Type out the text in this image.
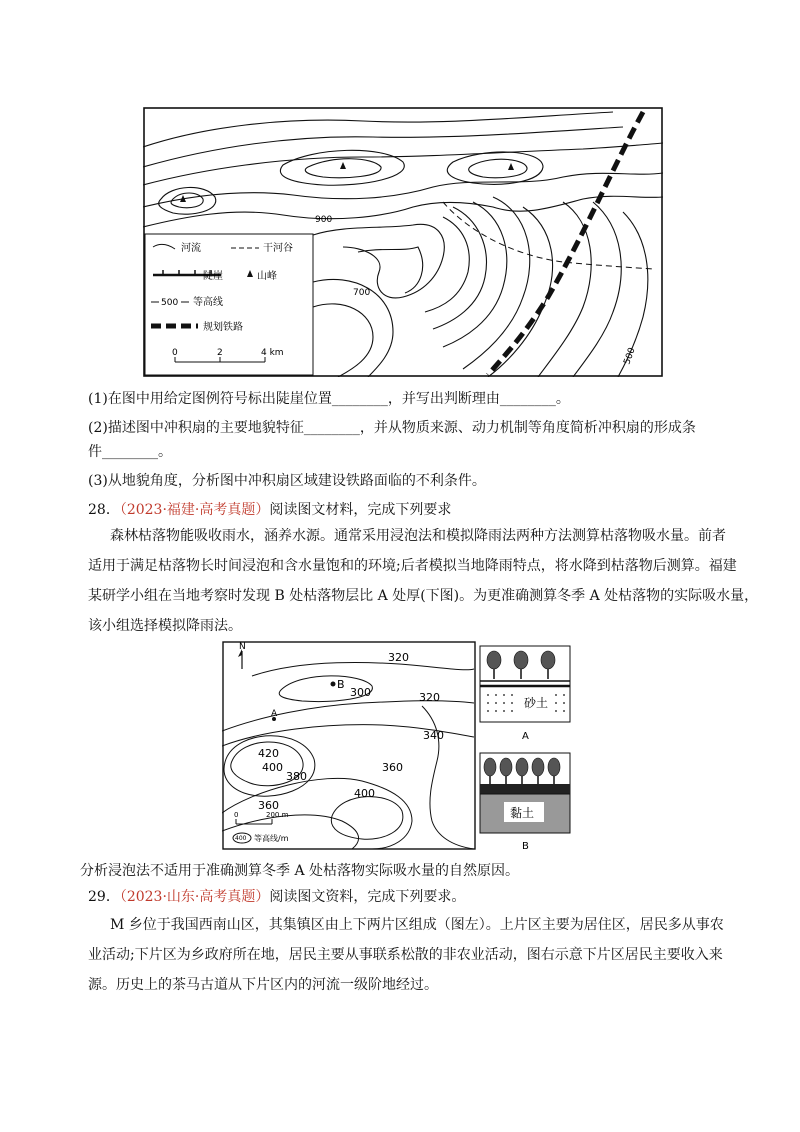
900
700
500
河流	干河谷
陡崖	山峰
500 等高线
规划铁路
0	2	4 km
(1)在图中用给定图例符号标出陡崖位置________，并写出判断理由________。
(2)描述图中冲积扇的主要地貌特征________，并从物质来源、动力机制等角度简析冲积扇的形成条
件________。
(3)从地貌角度，分析图中冲积扇区域建设铁路面临的不利条件。
28．（2023·福建·高考真题）阅读图文材料，完成下列要求
森林枯落物能吸收雨水，涵养水源。通常采用浸泡法和模拟降雨法两种方法测算枯落物吸水量。前者
适用于满足枯落物长时间浸泡和含水量饱和的环境;后者模拟当地降雨特点，将水降到枯落物后测算。福建
某研学小组在当地考察时发现 B 处枯落物层比 A 处厚(下图)。为更准确测算冬季 A 处枯落物的实际吸水量，
该小组选择模拟降雨法。
N
B
A
320
300	320
340
420
400
380
360
360
400
0	200 m
400 等高线/m
砂土
A
黏土
B
分析浸泡法不适用于准确测算冬季 A 处枯落物实际吸水量的自然原因。
29．（2023·山东·高考真题）阅读图文资料，完成下列要求。
M 乡位于我国西南山区，其集镇区由上下两片区组成（图左）。上片区主要为居住区，居民多从事农
业活动;下片区为乡政府所在地，居民主要从事联系松散的非农业活动，图右示意下片区居民主要收入来
源。历史上的茶马古道从下片区内的河流一级阶地经过。
